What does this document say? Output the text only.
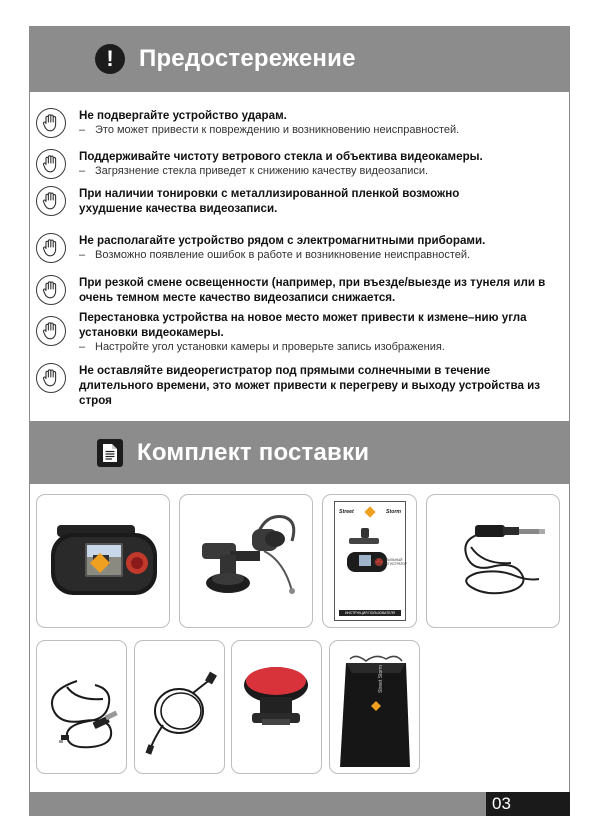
!	Предостережение
Не подвергайте устройство ударам.
– Это может привести к повреждению и возникновению неисправностей.
Поддерживайте чистоту ветрового стекла и объектива видеокамеры.
– Загрязнение стекла приведет к снижению качеству видеозаписи.
При наличии тонировки с металлизированной пленкой возможно ухудшение качества видеозаписи.
Не располагайте устройство рядом с электромагнитными приборами.
– Возможно появление ошибок в работе и возникновение неисправностей.
При резкой смене освещенности (например, при въезде/выезде из тунеля или в очень темном месте качество видеозаписи снижается.
Перестановка устройства на новое место может привести к измене–нию угла установки видеокамеры.
– Настройте угол установки камеры и проверьте запись изображения.
Не оставляйте видеорегистратор под прямыми солнечными в течение длительного времени, это может привести к перегреву и выходу устройства из строя
Комплект поставки
Street	Storm
АВТОМОБИЛЬНЫЙ ВИДЕОРЕГИСТРАТОР
ИНСТРУКЦИЯ ПОЛЬЗОВАТЕЛЯ
Street Storm
03
